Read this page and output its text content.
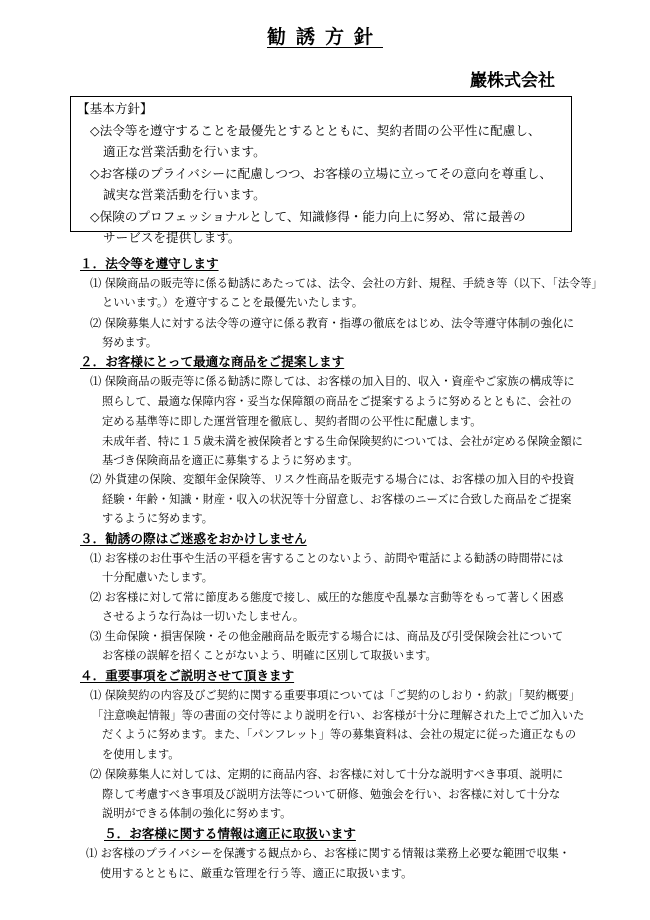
勧誘方針
巖株式会社
【基本方針】
◇法令等を遵守することを最優先とするとともに、契約者間の公平性に配慮し、
適正な営業活動を行います。
◇お客様のプライバシーに配慮しつつ、お客様の立場に立ってその意向を尊重し、
誠実な営業活動を行います。
◇保険のプロフェッショナルとして、知識修得・能力向上に努め、常に最善の
サービスを提供します。
１．法令等を遵守します
⑴ 保険商品の販売等に係る勧誘にあたっては、法令、会社の方針、規程、手続き等（以下、「法令等」
といいます。）を遵守することを最優先いたします。
⑵ 保険募集人に対する法令等の遵守に係る教育・指導の徹底をはじめ、法令等遵守体制の強化に
努めます。
２．お客様にとって最適な商品をご提案します
⑴ 保険商品の販売等に係る勧誘に際しては、お客様の加入目的、収入・資産やご家族の構成等に
照らして、最適な保障内容・妥当な保障額の商品をご提案するように努めるとともに、会社の
定める基準等に即した運営管理を徹底し、契約者間の公平性に配慮します。
未成年者、特に１５歳未満を被保険者とする生命保険契約については、会社が定める保険金額に
基づき保険商品を適正に募集するように努めます。
⑵ 外貨建の保険、変額年金保険等、リスク性商品を販売する場合には、お客様の加入目的や投資
経験・年齢・知識・財産・収入の状況等十分留意し、お客様のニーズに合致した商品をご提案
するように努めます。
３．勧誘の際はご迷惑をおかけしません
⑴ お客様のお仕事や生活の平穏を害することのないよう、訪問や電話による勧誘の時間帯には
十分配慮いたします。
⑵ お客様に対して常に節度ある態度で接し、威圧的な態度や乱暴な言動等をもって著しく困惑
させるような行為は一切いたしません。
⑶ 生命保険・損害保険・その他金融商品を販売する場合には、商品及び引受保険会社について
お客様の誤解を招くことがないよう、明確に区別して取扱います。
４．重要事項をご説明させて頂きます
⑴ 保険契約の内容及びご契約に関する重要事項については「ご契約のしおり・約款」「契約概要」
「注意喚起情報」等の書面の交付等により説明を行い、お客様が十分に理解された上でご加入いた
だくように努めます。また、「パンフレット」等の募集資料は、会社の規定に従った適正なもの
を使用します。
⑵ 保険募集人に対しては、定期的に商品内容、お客様に対して十分な説明すべき事項、説明に
際して考慮すべき事項及び説明方法等について研修、勉強会を行い、お客様に対して十分な
説明ができる体制の強化に努めます。
５．お客様に関する情報は適正に取扱います
⑴ お客様のプライバシーを保護する観点から、お客様に関する情報は業務上必要な範囲で収集・
使用するとともに、厳重な管理を行う等、適正に取扱います。
